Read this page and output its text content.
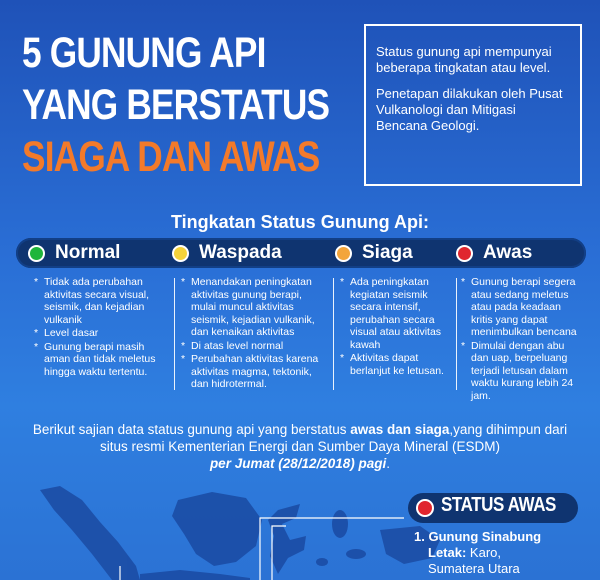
5 GUNUNG API
YANG BERSTATUS
SIAGA DAN AWAS

Status gunung api mempunyai beberapa tingkatan atau level.

Penetapan dilakukan oleh Pusat Vulkanologi dan Mitigasi Bencana Geologi.

Tingkatan Status Gunung Api:
Normal	Waspada	Siaga	Awas
* Tidak ada perubahan aktivitas secara visual, seismik, dan kejadian vulkanik
* Level dasar
* Gunung berapi masih aman dan tidak meletus hingga waktu tertentu.
* Menandakan peningkatan aktivitas gunung berapi, mulai muncul aktivitas seismik, kejadian vulkanik, dan kenaikan aktivitas
* Di atas level normal
* Perubahan aktivitas karena aktivitas magma, tektonik, dan hidrotermal.
* Ada peningkatan kegiatan seismik secara intensif, perubahan secara visual atau aktivitas kawah
* Aktivitas dapat berlanjut ke letusan.
* Gunung berapi segera atau sedang meletus atau pada keadaan kritis yang dapat menimbulkan bencana
* Dimulai dengan abu dan uap, berpeluang terjadi letusan dalam waktu kurang lebih 24 jam.
Berikut sajian data status gunung api yang berstatus awas dan siaga,yang dihimpun dari situs resmi Kementerian Energi dan Sumber Daya Mineral (ESDM)
per Jumat (28/12/2018) pagi.
STATUS AWAS
1. Gunung Sinabung
Letak: Karo,
Sumatera Utara
